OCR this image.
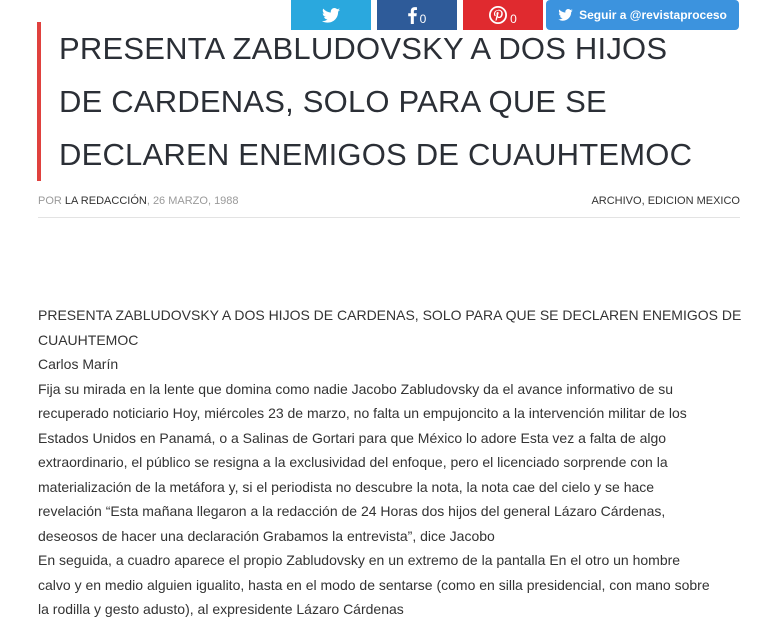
PRESENTA ZABLUDOVSKY A DOS HIJOS
DE CARDENAS, SOLO PARA QUE SE
DECLAREN ENEMIGOS DE CUAUHTEMOC
POR LA REDACCIÓN, 26 MARZO, 1988	ARCHIVO, EDICION MEXICO
0	0	Seguir a @revistaproceso

PRESENTA ZABLUDOVSKY A DOS HIJOS DE CARDENAS, SOLO PARA QUE SE DECLAREN ENEMIGOS DE

CUAUHTEMOC

Carlos Marín

Fija su mirada en la lente que domina como nadie Jacobo Zabludovsky da el avance informativo de su

recuperado noticiario Hoy, miércoles 23 de marzo, no falta un empujoncito a la intervención militar de los

Estados Unidos en Panamá, o a Salinas de Gortari para que México lo adore Esta vez a falta de algo

extraordinario, el público se resigna a la exclusividad del enfoque, pero el licenciado sorprende con la

materialización de la metáfora y, si el periodista no descubre la nota, la nota cae del cielo y se hace

revelación “Esta mañana llegaron a la redacción de 24 Horas dos hijos del general Lázaro Cárdenas,

deseosos de hacer una declaración Grabamos la entrevista”, dice Jacobo

En seguida, a cuadro aparece el propio Zabludovsky en un extremo de la pantalla En el otro un hombre

calvo y en medio alguien igualito, hasta en el modo de sentarse (como en silla presidencial, con mano sobre

la rodilla y gesto adusto), al expresidente Lázaro Cárdenas
